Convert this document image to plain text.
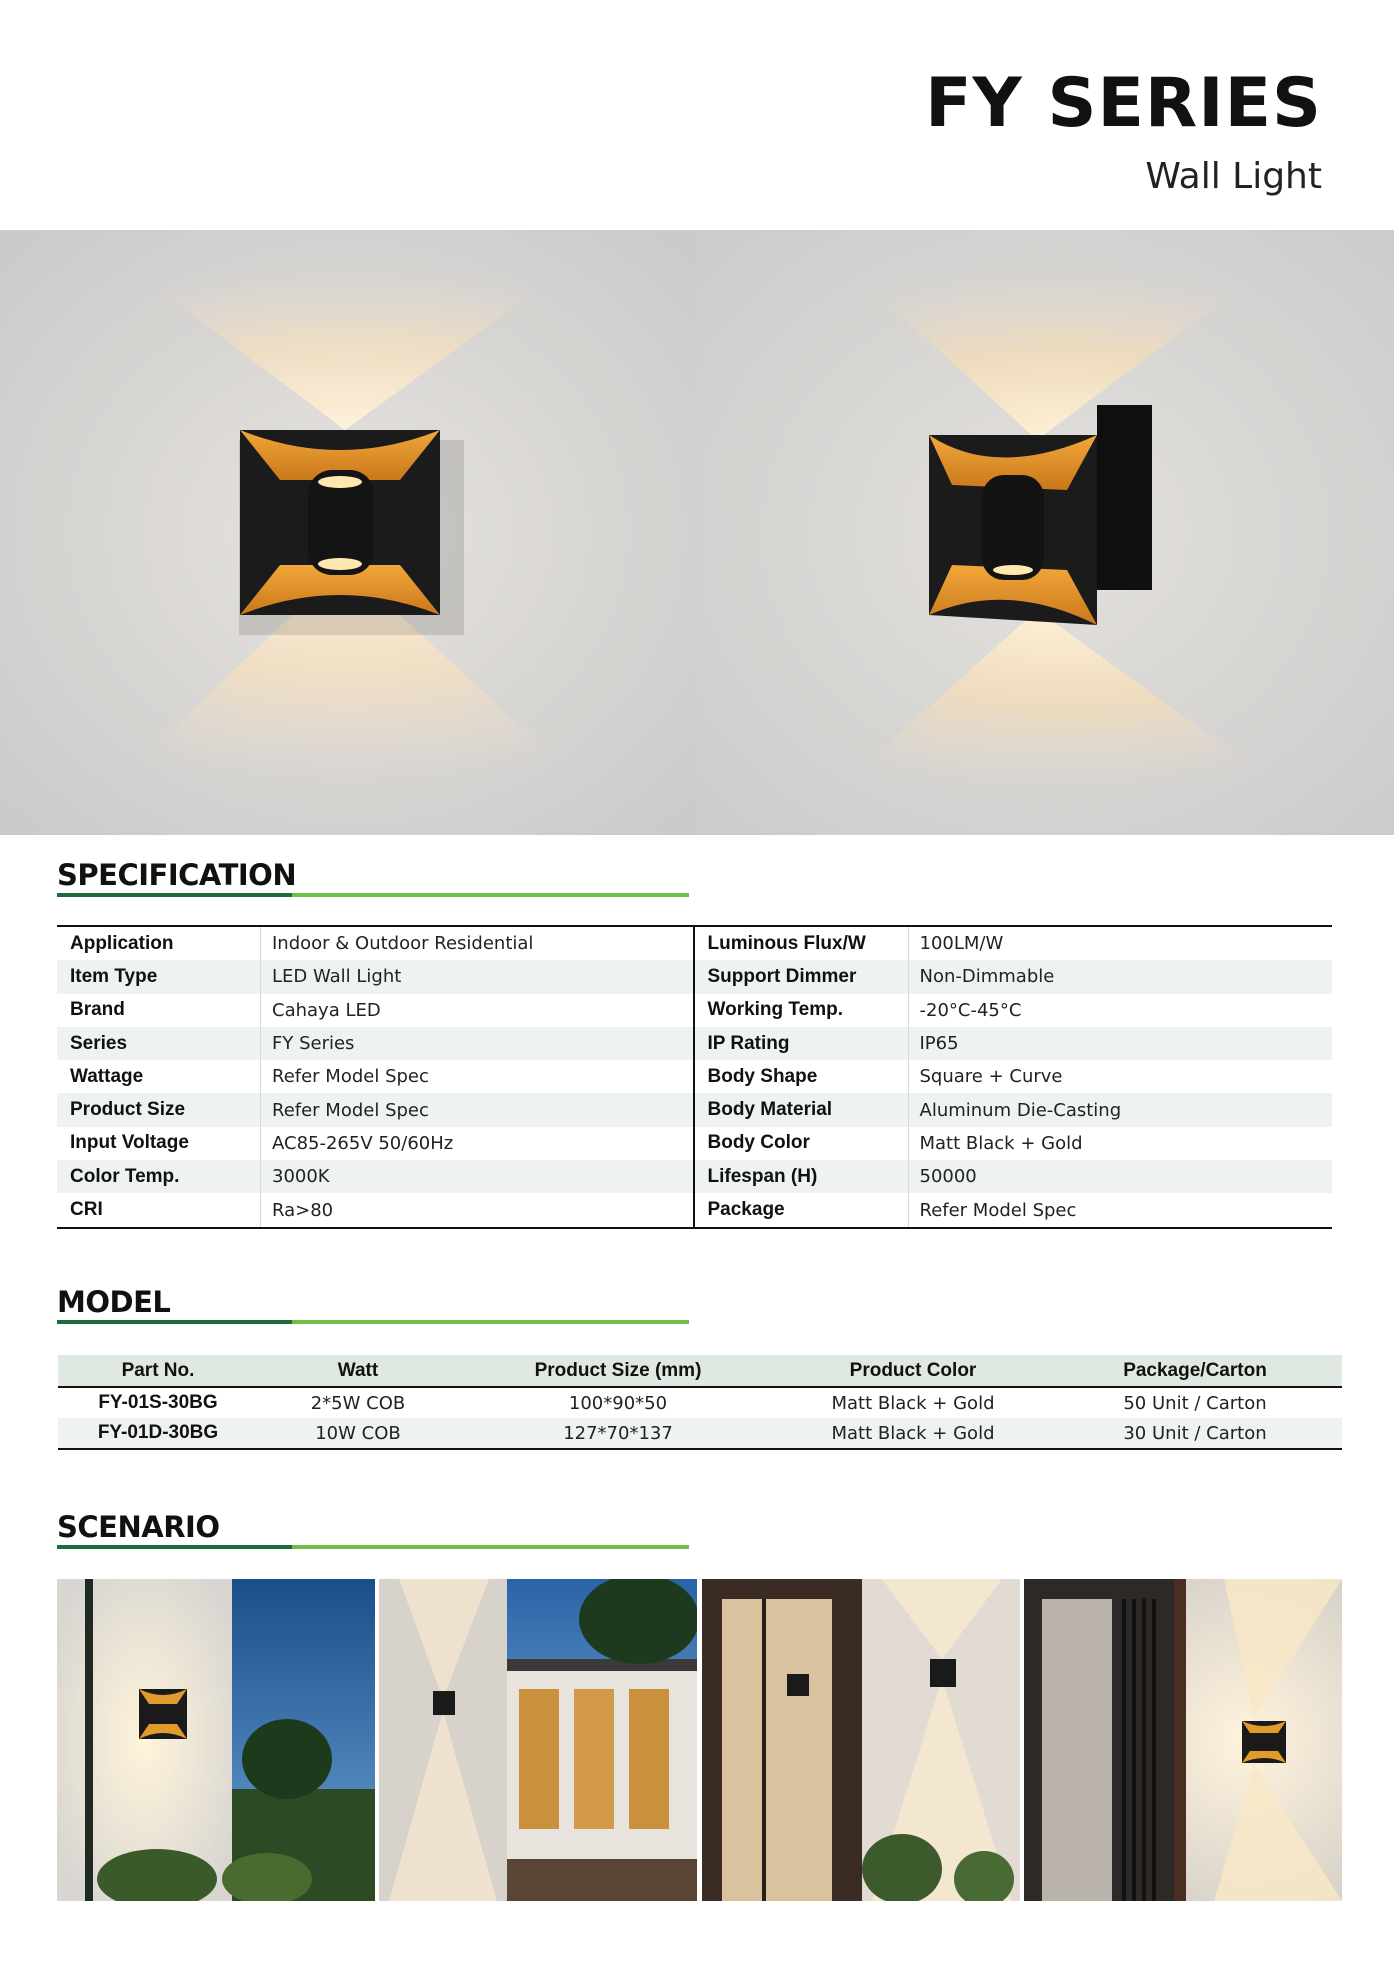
FY SERIES
Wall Light
SPECIFICATION
Application	Indoor & Outdoor Residential
Item Type	LED Wall Light
Brand	Cahaya LED
Series	FY Series
Wattage	Refer Model Spec
Product Size	Refer Model Spec
Input Voltage	AC85-265V 50/60Hz
Color Temp.	3000K
CRI	Ra>80
Luminous Flux/W	100LM/W
Support Dimmer	Non-Dimmable
Working Temp.	-20°C-45°C
IP Rating	IP65
Body Shape	Square + Curve
Body Material	Aluminum Die-Casting
Body Color	Matt Black + Gold
Lifespan (H)	50000
Package	Refer Model Spec
MODEL
Part No.	Watt	Product Size (mm)	Product Color	Package/Carton
FY-01S-30BG	2*5W COB	100*90*50	Matt Black + Gold	50 Unit / Carton
FY-01D-30BG	10W COB	127*70*137	Matt Black + Gold	30 Unit / Carton
SCENARIO
